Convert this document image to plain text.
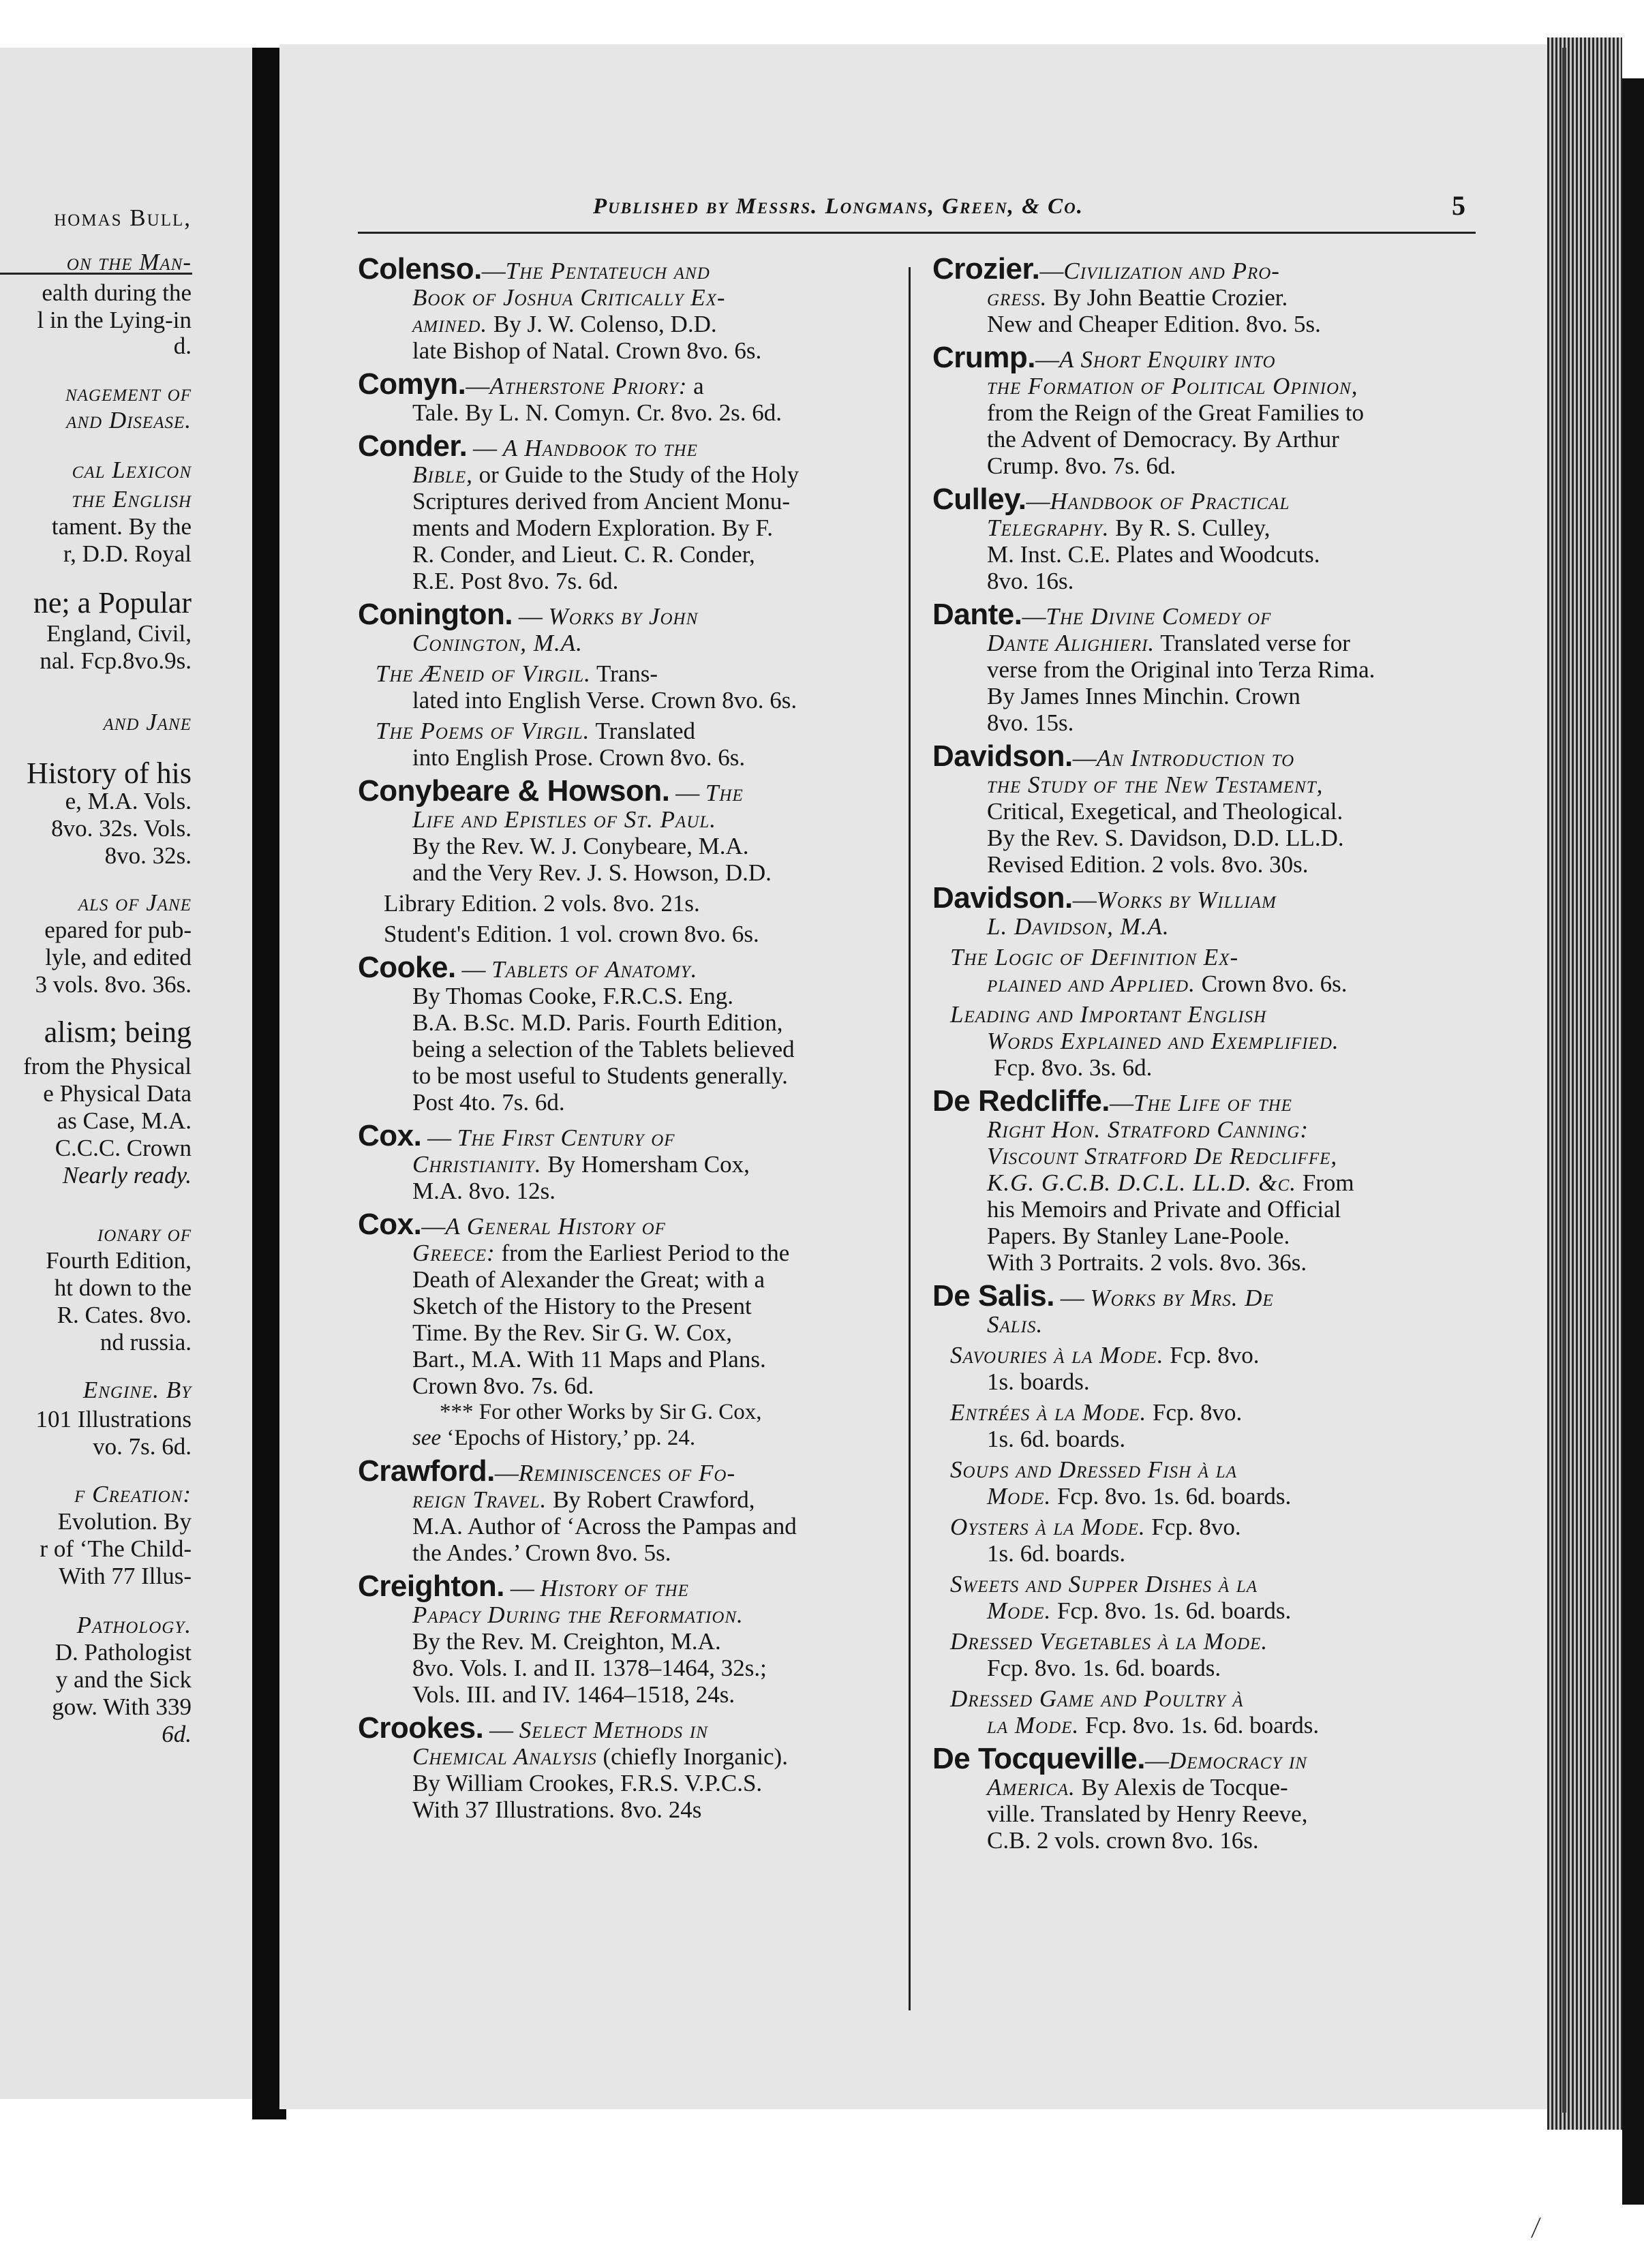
homas Bull,
on the Man-
ealth during the
l in the Lying-in
d.
nagement of
and Disease.
cal Lexicon
the English
tament. By the
r, D.D. Royal
ne; a Popular
England, Civil,
nal. Fcp.8vo.9s.
and Jane
History of his
e, M.A. Vols.
8vo. 32s. Vols.
8vo. 32s.
als of Jane
epared for pub-
lyle, and edited
3 vols. 8vo. 36s.
alism; being
from the Physical
e Physical Data
as Case, M.A.
C.C.C. Crown
Nearly ready.
ionary of
Fourth Edition,
ht down to the
R. Cates. 8vo.
nd russia.
Engine. By
101 Illustrations
vo. 7s. 6d.
f Creation:
Evolution. By
r of ‘The Child-
With 77 Illus-
Pathology.
D. Pathologist
y and the Sick
gow. With 339
6d.
⁄
Published by Messrs. Longmans, Green, & Co.	5
Colenso.—The Pentateuch and
Book of Joshua Critically Ex-
amined. By J. W. Colenso, D.D.
late Bishop of Natal. Crown 8vo. 6s.
Comyn.—Atherstone Priory: a
Tale. By L. N. Comyn. Cr. 8vo. 2s. 6d.
Conder. — A Handbook to the
Bible, or Guide to the Study of the Holy
Scriptures derived from Ancient Monu-
ments and Modern Exploration. By F.
R. Conder, and Lieut. C. R. Conder,
R.E. Post 8vo. 7s. 6d.
Conington. — Works by John
Conington, M.A.
The Æneid of Virgil. Trans-
lated into English Verse. Crown 8vo. 6s.
The Poems of Virgil. Translated
into English Prose. Crown 8vo. 6s.
Conybeare & Howson. — The
Life and Epistles of St. Paul.
By the Rev. W. J. Conybeare, M.A.
and the Very Rev. J. S. Howson, D.D.
Library Edition. 2 vols. 8vo. 21s.
Student's Edition. 1 vol. crown 8vo. 6s.
Cooke. — Tablets of Anatomy.
By Thomas Cooke, F.R.C.S. Eng.
B.A. B.Sc. M.D. Paris. Fourth Edition,
being a selection of the Tablets believed
to be most useful to Students generally.
Post 4to. 7s. 6d.
Cox. — The First Century of
Christianity. By Homersham Cox,
M.A. 8vo. 12s.
Cox.—A General History of
Greece: from the Earliest Period to the
Death of Alexander the Great; with a
Sketch of the History to the Present
Time. By the Rev. Sir G. W. Cox,
Bart., M.A. With 11 Maps and Plans.
Crown 8vo. 7s. 6d.
*** For other Works by Sir G. Cox,
see ‘Epochs of History,’ pp. 24.
Crawford.—Reminiscences of Fo-
reign Travel. By Robert Crawford,
M.A. Author of ‘Across the Pampas and
the Andes.’ Crown 8vo. 5s.
Creighton. — History of the
Papacy During the Reformation.
By the Rev. M. Creighton, M.A.
8vo. Vols. I. and II. 1378–1464, 32s.;
Vols. III. and IV. 1464–1518, 24s.
Crookes. — Select Methods in
Chemical Analysis (chiefly Inorganic).
By William Crookes, F.R.S. V.P.C.S.
With 37 Illustrations. 8vo. 24s
Crozier.—Civilization and Pro-
gress. By John Beattie Crozier.
New and Cheaper Edition. 8vo. 5s.
Crump.—A Short Enquiry into
the Formation of Political Opinion,
from the Reign of the Great Families to
the Advent of Democracy. By Arthur
Crump. 8vo. 7s. 6d.
Culley.—Handbook of Practical
Telegraphy. By R. S. Culley,
M. Inst. C.E. Plates and Woodcuts.
8vo. 16s.
Dante.—The Divine Comedy of
Dante Alighieri. Translated verse for
verse from the Original into Terza Rima.
By James Innes Minchin. Crown
8vo. 15s.
Davidson.—An Introduction to
the Study of the New Testament,
Critical, Exegetical, and Theological.
By the Rev. S. Davidson, D.D. LL.D.
Revised Edition. 2 vols. 8vo. 30s.
Davidson.—Works by William
L. Davidson, M.A.
The Logic of Definition Ex-
plained and Applied. Crown 8vo. 6s.
Leading and Important English
Words Explained and Exemplified.
Fcp. 8vo. 3s. 6d.
De Redcliffe.—The Life of the
Right Hon. Stratford Canning:
Viscount Stratford De Redcliffe,
K.G. G.C.B. D.C.L. LL.D. &c. From
his Memoirs and Private and Official
Papers. By Stanley Lane-Poole.
With 3 Portraits. 2 vols. 8vo. 36s.
De Salis. — Works by Mrs. De
Salis.
Savouries à la Mode. Fcp. 8vo.
1s. boards.
Entrées à la Mode. Fcp. 8vo.
1s. 6d. boards.
Soups and Dressed Fish à la
Mode. Fcp. 8vo. 1s. 6d. boards.
Oysters à la Mode. Fcp. 8vo.
1s. 6d. boards.
Sweets and Supper Dishes à la
Mode. Fcp. 8vo. 1s. 6d. boards.
Dressed Vegetables à la Mode.
Fcp. 8vo. 1s. 6d. boards.
Dressed Game and Poultry à
la Mode. Fcp. 8vo. 1s. 6d. boards.
De Tocqueville.—Democracy in
America. By Alexis de Tocque-
ville. Translated by Henry Reeve,
C.B. 2 vols. crown 8vo. 16s.
